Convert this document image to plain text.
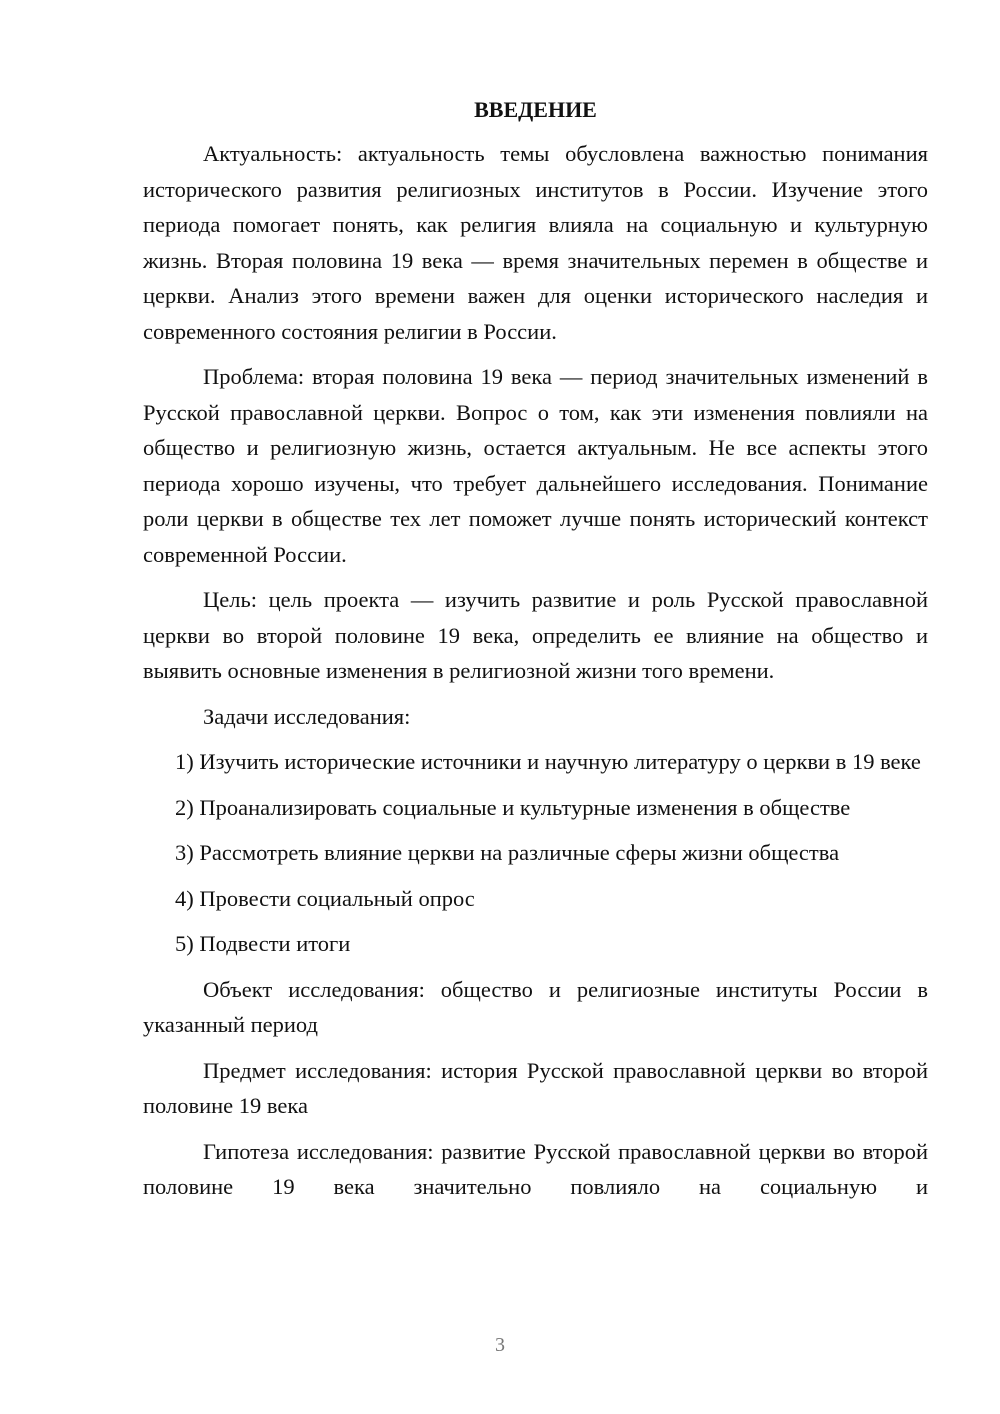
ВВЕДЕНИЕ

Актуальность: актуальность темы обусловлена важностью понимания исторического развития религиозных институтов в России. Изучение этого периода помогает понять, как религия влияла на социальную и культурную жизнь. Вторая половина 19 века — время значительных перемен в обществе и церкви. Анализ этого времени важен для оценки исторического наследия и современного состояния религии в России.

Проблема: вторая половина 19 века — период значительных изменений в Русской православной церкви. Вопрос о том, как эти изменения повлияли на общество и религиозную жизнь, остается актуальным. Не все аспекты этого периода хорошо изучены, что требует дальнейшего исследования. Понимание роли церкви в обществе тех лет поможет лучше понять исторический контекст современной России.

Цель: цель проекта — изучить развитие и роль Русской православной церкви во второй половине 19 века, определить ее влияние на общество и выявить основные изменения в религиозной жизни того времени.

Задачи исследования:

1) Изучить исторические источники и научную литературу о церкви в 19 веке

2) Проанализировать социальные и культурные изменения в обществе

3) Рассмотреть влияние церкви на различные сферы жизни общества

4) Провести социальный опрос

5) Подвести итоги

Объект исследования: общество и религиозные институты России в указанный период

Предмет исследования: история Русской православной церкви во второй половине 19 века

Гипотеза исследования: развитие Русской православной церкви во второй половине 19 века значительно повлияло на социальную и

3
